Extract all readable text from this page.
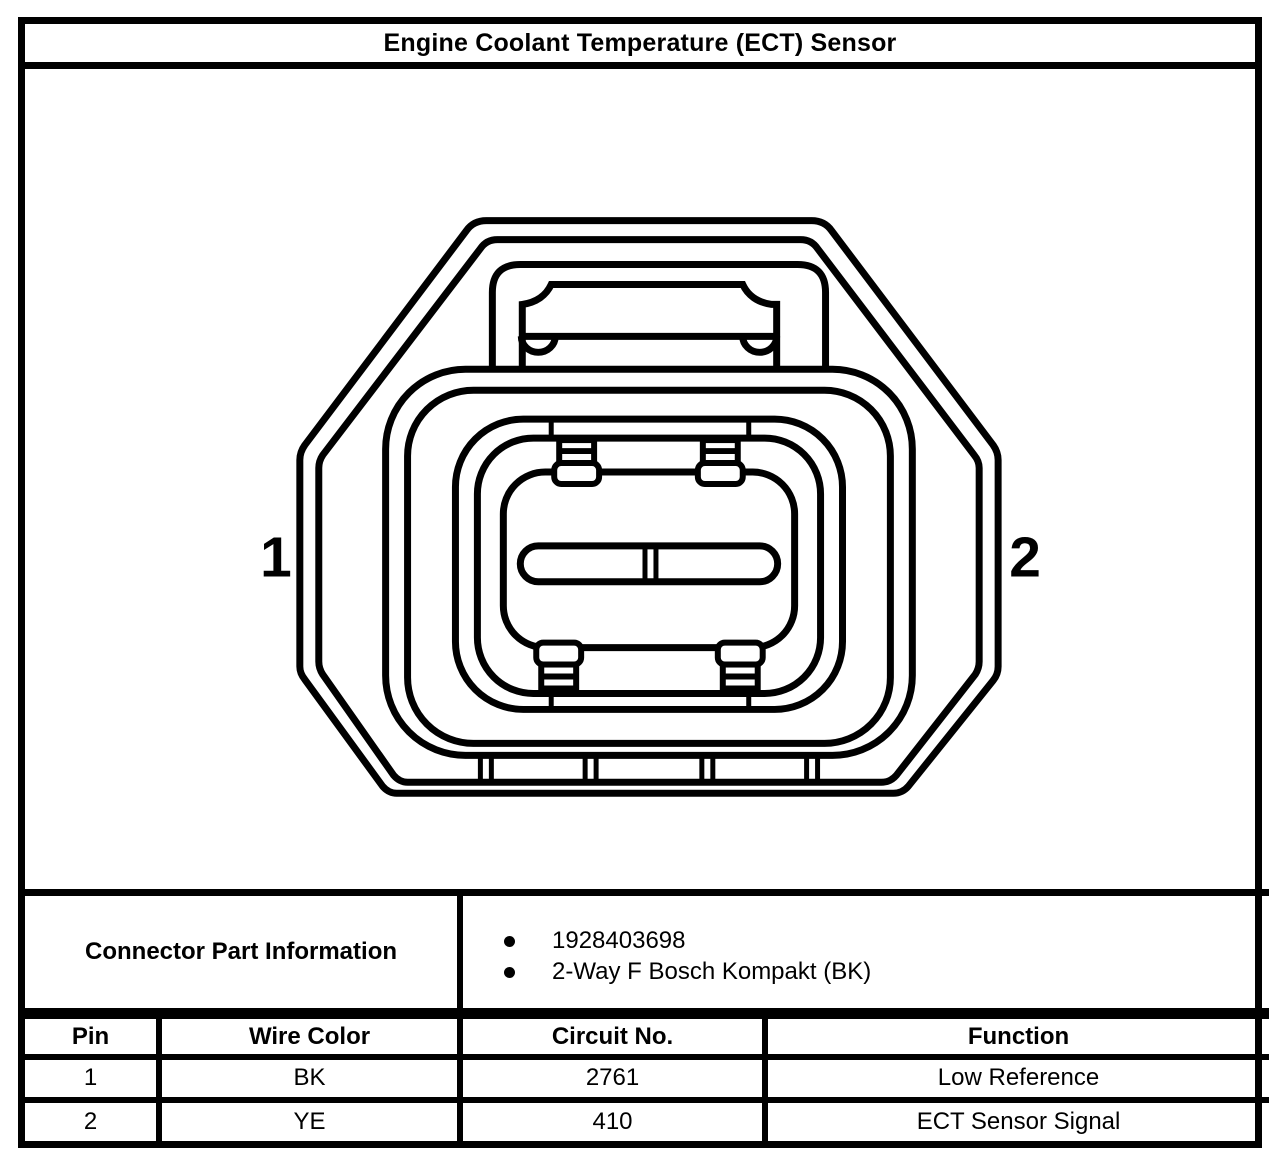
Engine Coolant Temperature (ECT) Sensor
1	2
Connector Part Information		1928403698
2-Way F Bosch Kompakt (BK)	

Pin	Wire Color	Circuit No.	Function
1	BK	2761	Low Reference
2	YE	410	ECT Sensor Signal
